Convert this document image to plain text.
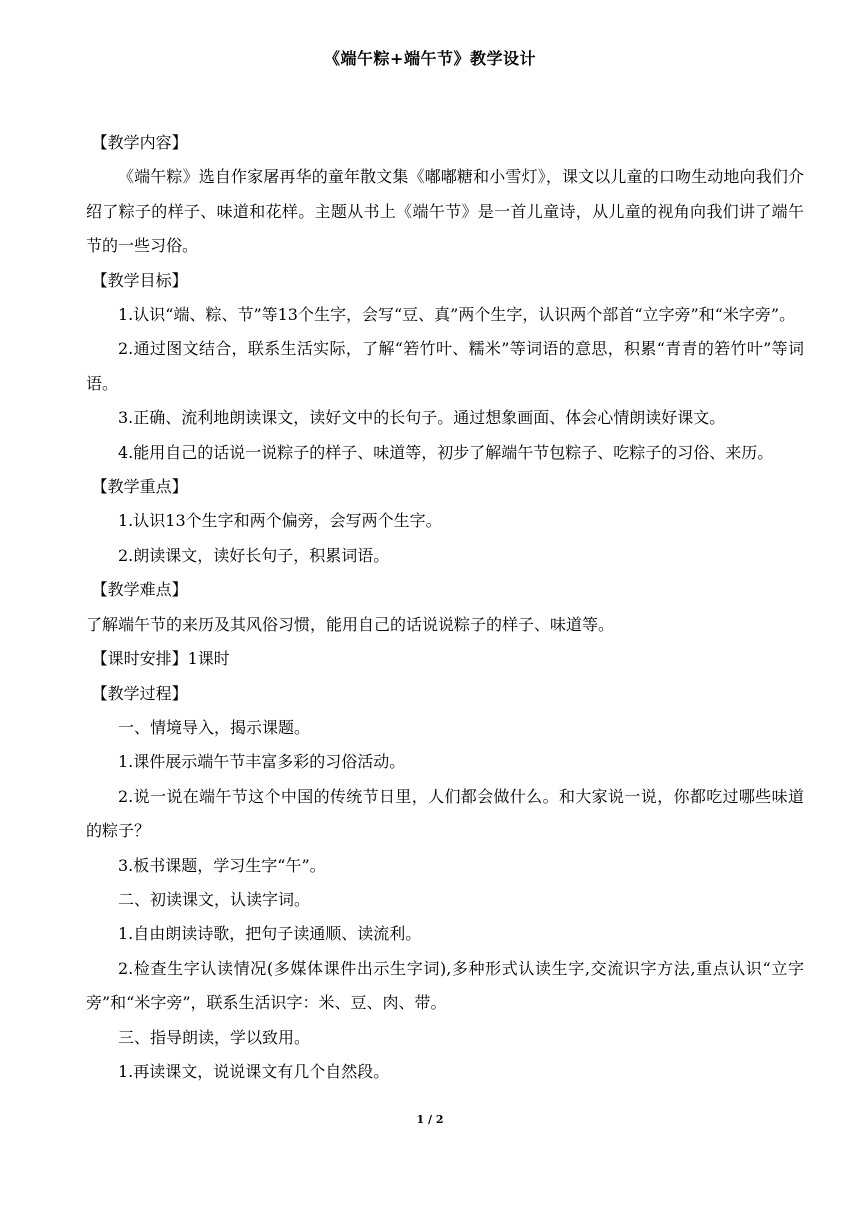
《端午粽+端午节》教学设计

【教学内容】

《端午粽》选自作家屠再华的童年散文集《嘟嘟糖和小雪灯》，课文以儿童的口吻生动地向我们介绍了粽子的样子、味道和花样。主题从书上《端午节》是一首儿童诗，从儿童的视角向我们讲了端午节的一些习俗。

【教学目标】

1.认识“端、粽、节”等13个生字，会写“豆、真”两个生字，认识两个部首“立字旁”和“米字旁”。

2.通过图文结合，联系生活实际，了解“箬竹叶、糯米”等词语的意思，积累“青青的箬竹叶”等词语。

3.正确、流利地朗读课文，读好文中的长句子。通过想象画面、体会心情朗读好课文。

4.能用自己的话说一说粽子的样子、味道等，初步了解端午节包粽子、吃粽子的习俗、来历。

【教学重点】

1.认识13个生字和两个偏旁，会写两个生字。

2.朗读课文，读好长句子，积累词语。

【教学难点】

了解端午节的来历及其风俗习惯，能用自己的话说说粽子的样子、味道等。

【课时安排】1课时

【教学过程】

一、情境导入，揭示课题。

1.课件展示端午节丰富多彩的习俗活动。

2.说一说在端午节这个中国的传统节日里，人们都会做什么。和大家说一说，你都吃过哪些味道的粽子？

3.板书课题，学习生字“午”。

二、初读课文，认读字词。

1.自由朗读诗歌，把句子读通顺、读流利。

2.检查生字认读情况(多媒体课件出示生字词),多种形式认读生字,交流识字方法,重点认识“立字旁”和“米字旁”，联系生活识字：米、豆、肉、带。

三、指导朗读，学以致用。

1.再读课文，说说课文有几个自然段。

1 / 2
